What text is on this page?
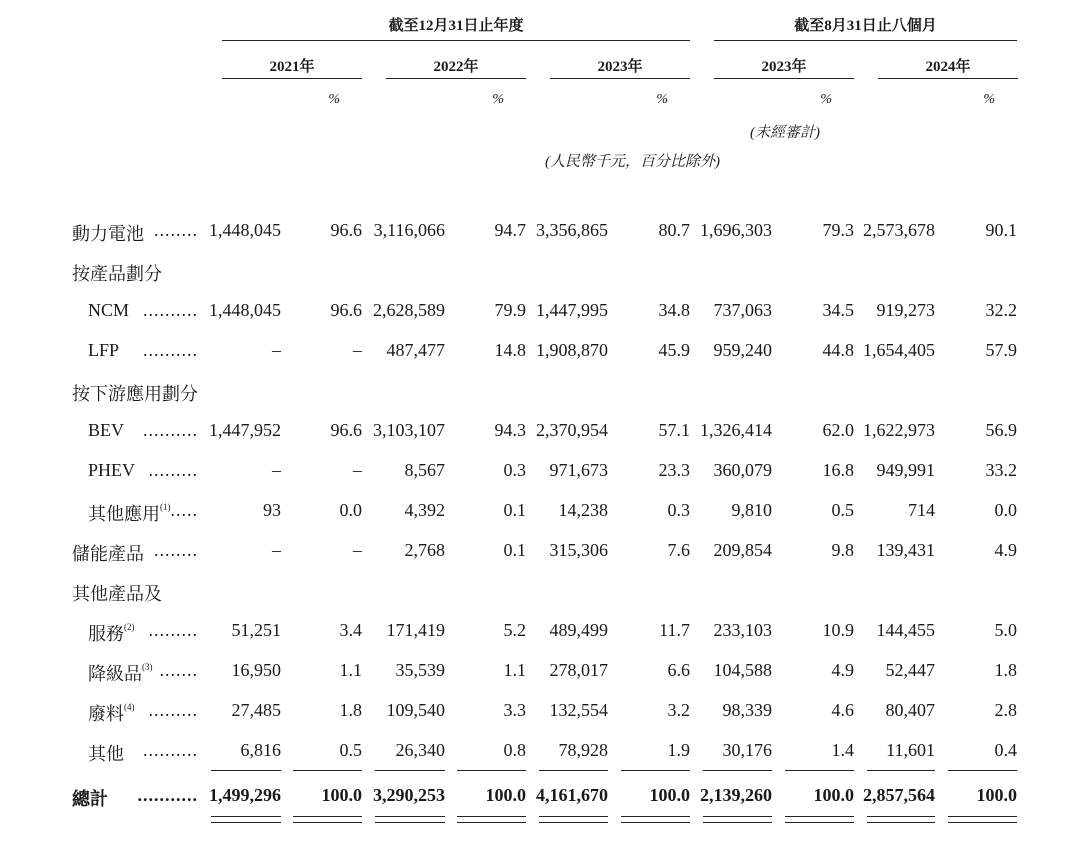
截至12月31日止年度	截至8月31日止八個月
2021年	2022年	2023年	2023年	2024年
%	%	%	%	%
(未經審計)
(人民幣千元，百分比除外)
動力電池 ........ 1,448,045	96.6 3,116,066	94.7 3,356,865	80.7 1,696,303	79.3 2,573,678	90.1
按產品劃分
NCM .......... 1,448,045	96.6 2,628,589	79.9 1,447,995	34.8 737,063	34.5 919,273	32.2
LFP ..........	–	– 487,477	14.8 1,908,870	45.9 959,240	44.8 1,654,405	57.9
按下游應用劃分
BEV .......... 1,447,952	96.6 3,103,107	94.3 2,370,954	57.1 1,326,414	62.0 1,622,973	56.9
PHEV .........	–	– 8,567	0.3 971,673	23.3 360,079	16.8 949,991	33.2
其他應用$^{(1)}$ .....	93	0.0 4,392	0.1 14,238	0.3 9,810	0.5	714	0.0
儲能產品 ........	–	– 2,768	0.1 315,306	7.6 209,854	9.8 139,431	4.9
其他產品及
服務$^{(2)}$ ......... 51,251	3.4 171,419	5.2 489,499	11.7 233,103	10.9 144,455	5.0
降級品$^{(3)}$ ....... 16,950	1.1 35,539	1.1 278,017	6.6 104,588	4.9 52,447	1.8
廢料$^{(4)}$ ......... 27,485	1.8 109,540	3.3 132,554	3.2 98,339	4.6 80,407	2.8
其他 .......... 6,816	0.5 26,340	0.8 78,928	1.9 30,176	1.4 11,601	0.4
總計 ........... 1,499,296 100.0 3,290,253 100.0 4,161,670 100.0 2,139,260 100.0 2,857,564 100.0
